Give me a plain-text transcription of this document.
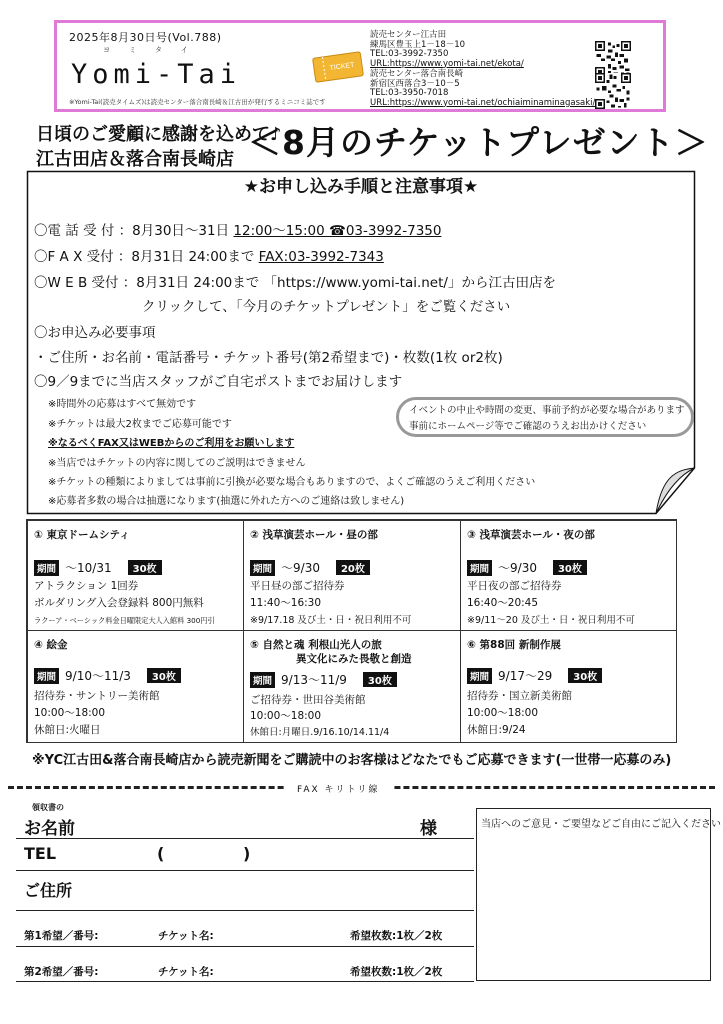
2025年8月30日号(Vol.788)
ヨミタイ
Yomi-Tai
※Yomi-Tai(読売タイムズ)は読売センター落合南長崎＆江古田が発行するミニコミ誌です
TICKET
読売センター江古田
練馬区豊玉上1－18－10
TEL:03-3992-7350
URL:https://www.yomi-tai.net/ekota/
読売センター落合南長崎
新宿区西落合3－10－5
TEL:03-3950-7018
URL:https://www.yomi-tai.net/ochiaiminaminagasaki/
日頃のご愛顧に感謝を込めて♪
江古田店＆落合南長崎店 ＜8月のチケットプレゼント＞
★お申し込み手順と注意事項★
〇電 話 受 付 ：8月30日～31日 12:00～15:00 ☎03-3992-7350
〇F A X 受付 ：8月31日 24:00まで FAX:03-3992-7343
〇W E B 受付 ：8月31日 24:00まで 「https://www.yomi-tai.net/」から江古田店を
クリックして、「今月のチケットプレゼント」をご覧ください
〇お申込み必要事項
・ご住所・お名前・電話番号・チケット番号(第2希望まで)・枚数(1枚 or2枚)
〇9／9までに当店スタッフがご自宅ポストまでお届けします
※時間外の応募はすべて無効です
※チケットは最大2枚までご応募可能です
※なるべくFAX又はWEBからのご利用をお願いします
※当店ではチケットの内容に関してのご説明はできません
※チケットの種類によりましては事前に引換が必要な場合もありますので、よくご確認のうえご利用ください
※応募者多数の場合は抽選になります(抽選に外れた方へのご連絡は致しません)
イベントの中止や時間の変更、事前予約が必要な場合があります
事前にホームページ等でご確認のうえお出かけください
① 東京ドームシティ
期間 ～10/31	30枚
アトラクション 1回券
ボルダリング入会登録料 800円無料
ラクーア・ベーシック料金日曜限定大人入館料 300円引
② 浅草演芸ホール・昼の部
期間 ～9/30	20枚
平日昼の部ご招待券
11:40～16:30
※9/17.18 及び土・日・祝日利用不可
③ 浅草演芸ホール・夜の部
期間 ～9/30	30枚
平日夜の部ご招待券
16:40～20:45
※9/11～20 及び土・日・祝日利用不可
④ 絵金
期間 9/10～11/3	30枚
招待券・サントリー美術館
10:00～18:00
休館日:火曜日
⑤ 自然と魂 利根山光人の旅
異文化にみた畏敬と創造
期間 9/13～11/9	30枚
ご招待券・世田谷美術館
10:00～18:00
休館日:月曜日.9/16.10/14.11/4
⑥ 第88回 新制作展
期間 9/17～29	30枚
招待券・国立新美術館
10:00～18:00
休館日:9/24
※YC江古田&落合南長崎店から読売新聞をご購読中のお客様はどなたでもご応募できます(一世帯一応募のみ)
FAX キリトリ線
領収書の
お名前	様
TEL	(	)
ご住所
第1希望／番号:	チケット名:	希望枚数:1枚／2枚
第2希望／番号:	チケット名:	希望枚数:1枚／2枚
当店へのご意見・ご要望などご自由にご記入ください
